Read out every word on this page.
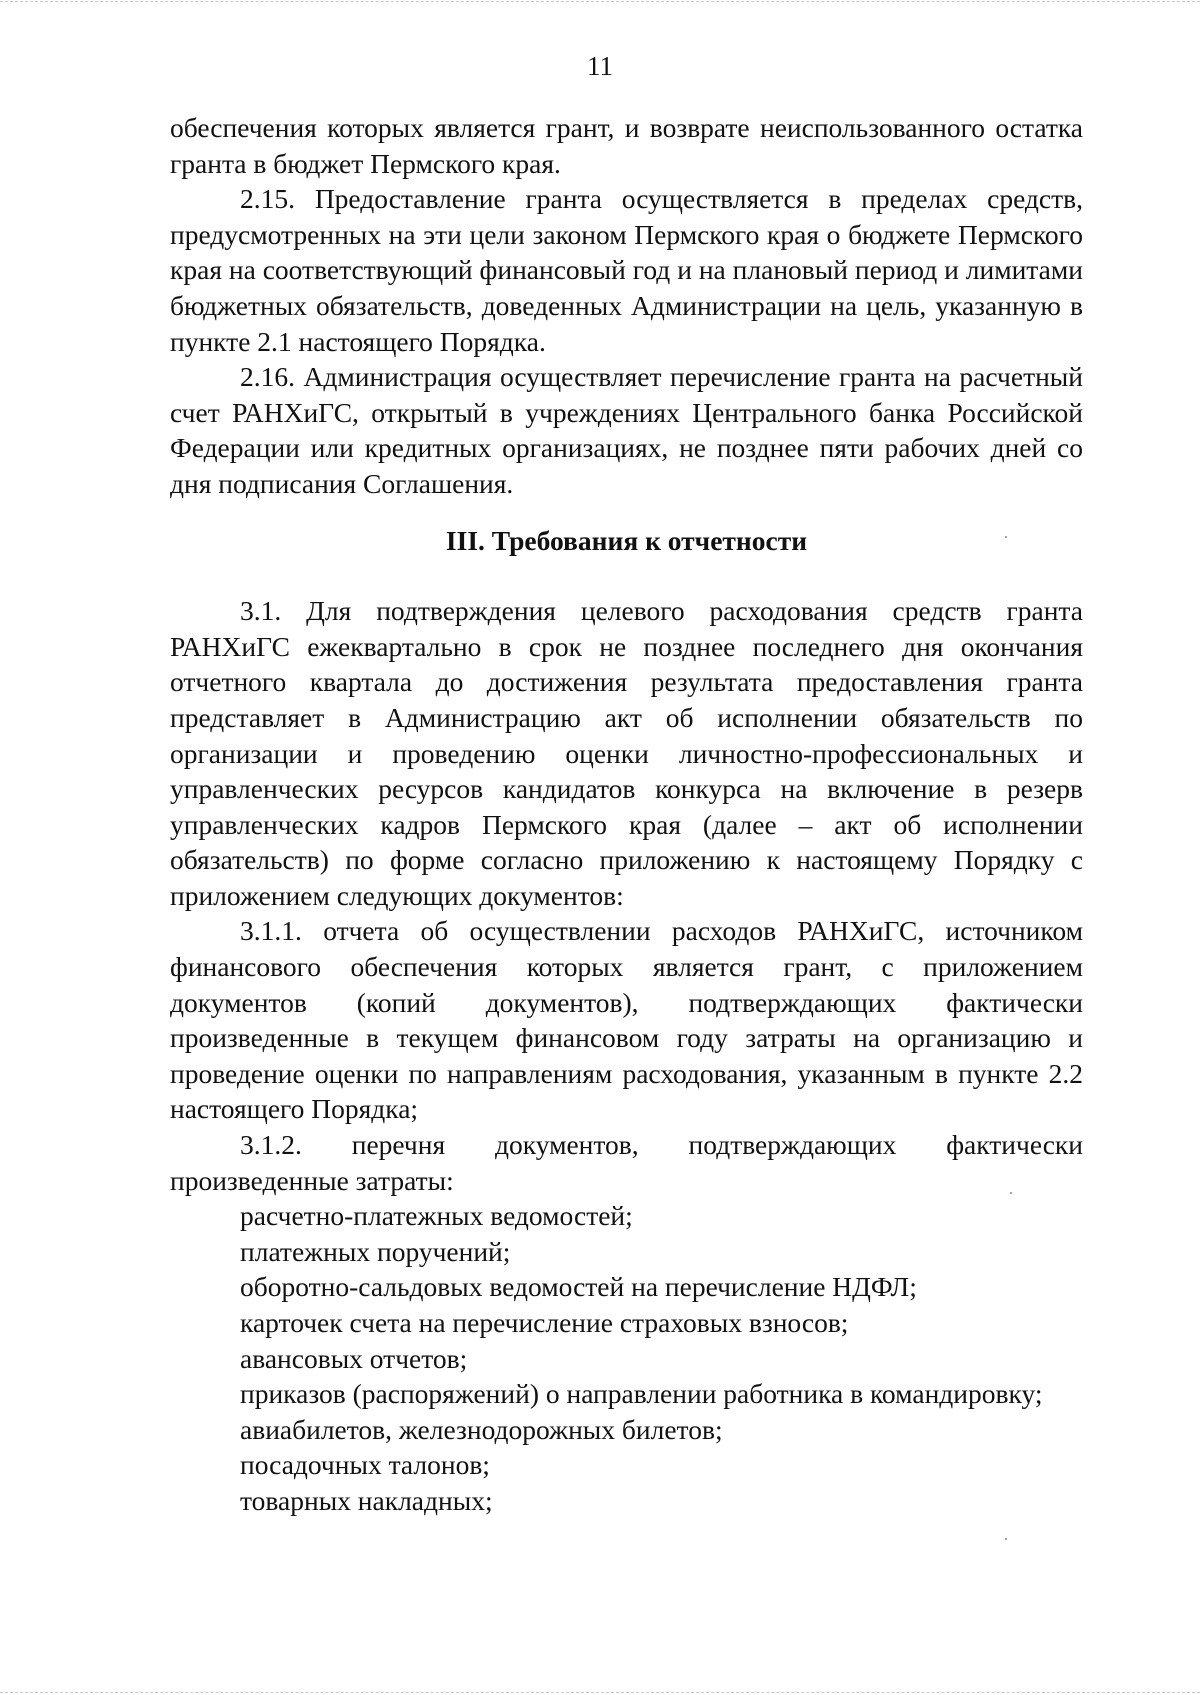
11

обеспечения которых является грант, и возврате неиспользованного остатка гранта в бюджет Пермского края.

2.15. Предоставление гранта осуществляется в пределах средств, предусмотренных на эти цели законом Пермского края о бюджете Пермского края на соответствующий финансовый год и на плановый период и лимитами бюджетных обязательств, доведенных Администрации на цель, указанную в пункте 2.1 настоящего Порядка.

2.16. Администрация осуществляет перечисление гранта на расчетный счет РАНХиГС, открытый в учреждениях Центрального банка Российской Федерации или кредитных организациях, не позднее пяти рабочих дней со дня подписания Соглашения.

III. Требования к отчетности

3.1. Для подтверждения целевого расходования средств гранта РАНХиГС ежеквартально в срок не позднее последнего дня окончания отчетного квартала до достижения результата предоставления гранта представляет в Администрацию акт об исполнении обязательств по организации и проведению оценки личностно-профессиональных и управленческих ресурсов кандидатов конкурса на включение в резерв управленческих кадров Пермского края (далее – акт об исполнении обязательств) по форме согласно приложению к настоящему Порядку с приложением следующих документов:

3.1.1. отчета об осуществлении расходов РАНХиГС, источником финансового обеспечения которых является грант, с приложением документов (копий документов), подтверждающих фактически произведенные в текущем финансовом году затраты на организацию и проведение оценки по направлениям расходования, указанным в пункте 2.2 настоящего Порядка;

3.1.2. перечня документов, подтверждающих фактически произведенные затраты:

расчетно-платежных ведомостей;

платежных поручений;

оборотно-сальдовых ведомостей на перечисление НДФЛ;

карточек счета на перечисление страховых взносов;

авансовых отчетов;

приказов (распоряжений) о направлении работника в командировку;

авиабилетов, железнодорожных билетов;

посадочных талонов;

товарных накладных;
